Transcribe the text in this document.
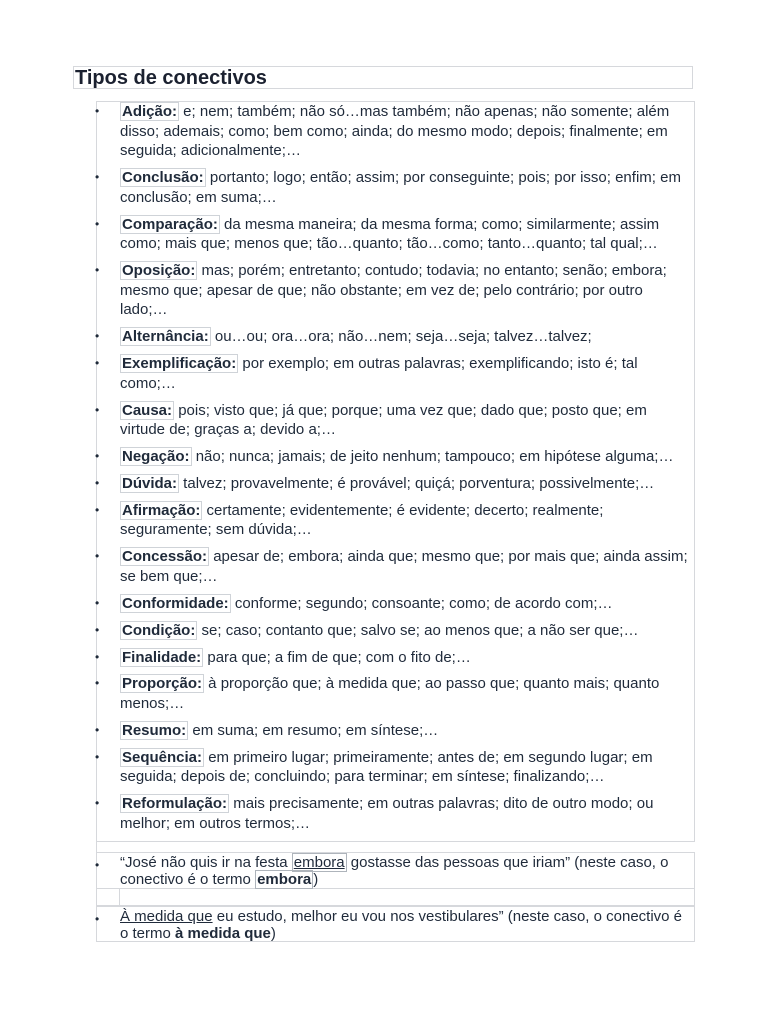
Tipos de conectivos
• Adição: e; nem; também; não só…mas também; não apenas; não somente; além disso; ademais; como; bem como; ainda; do mesmo modo; depois; finalmente; em seguida; adicionalmente;…
• Conclusão: portanto; logo; então; assim; por conseguinte; pois; por isso; enfim; em conclusão; em suma;…
• Comparação: da mesma maneira; da mesma forma; como; similarmente; assim como; mais que; menos que; tão…quanto; tão…como; tanto…quanto; tal qual;…
• Oposição: mas; porém; entretanto; contudo; todavia; no entanto; senão; embora; mesmo que; apesar de que; não obstante; em vez de; pelo contrário; por outro lado;…
• Alternância: ou…ou; ora…ora; não…nem; seja…seja; talvez…talvez;
• Exemplificação: por exemplo; em outras palavras; exemplificando; isto é; tal como;…
• Causa: pois; visto que; já que; porque; uma vez que; dado que; posto que; em virtude de; graças a; devido a;…
• Negação: não; nunca; jamais; de jeito nenhum; tampouco; em hipótese alguma;…
• Dúvida: talvez; provavelmente; é provável; quiçá; porventura; possivelmente;…
• Afirmação: certamente; evidentemente; é evidente; decerto; realmente; seguramente; sem dúvida;…
• Concessão: apesar de; embora; ainda que; mesmo que; por mais que; ainda assim; se bem que;…
• Conformidade: conforme; segundo; consoante; como; de acordo com;…
• Condição: se; caso; contanto que; salvo se; ao menos que; a não ser que;…
• Finalidade: para que; a fim de que; com o fito de;…
• Proporção: à proporção que; à medida que; ao passo que; quanto mais; quanto menos;…
• Resumo: em suma; em resumo; em síntese;…
• Sequência: em primeiro lugar; primeiramente; antes de; em segundo lugar; em seguida; depois de; concluindo; para terminar; em síntese; finalizando;…
• Reformulação: mais precisamente; em outras palavras; dito de outro modo; ou melhor; em outros termos;…
• “José não quis ir na festa embora gostasse das pessoas que iriam” (neste caso, o conectivo é o termo embora )
• À medida que eu estudo, melhor eu vou nos vestibulares” (neste caso, o conectivo é o termo à medida que)
